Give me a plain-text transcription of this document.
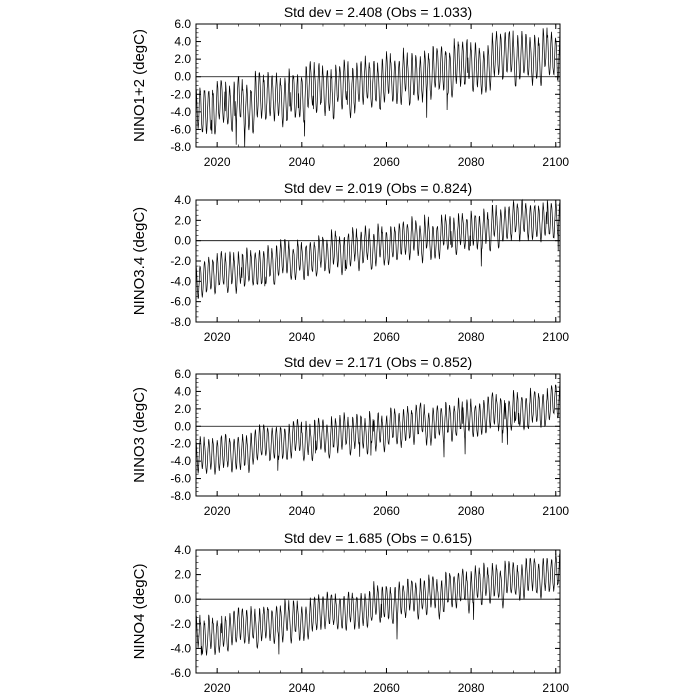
Std dev = 2.408 (Obs = 1.033)
NINO1+2 (degC)
6.0
4.0
2.0
0.0
-2.0
-4.0
-6.0
-8.0
2020	2040	2060	2080	2100
Std dev = 2.019 (Obs = 0.824)
NINO3.4 (degC)
4.0
2.0
0.0
-2.0
-4.0
-6.0
-8.0
2020	2040	2060	2080	2100
Std dev = 2.171 (Obs = 0.852)
NINO3 (degC)
6.0
4.0
2.0
0.0
-2.0
-4.0
-6.0
-8.0
2020	2040	2060	2080	2100
Std dev = 1.685 (Obs = 0.615)
NINO4 (degC)
4.0
2.0
0.0
-2.0
-4.0
-6.0
2020	2040	2060	2080	2100
